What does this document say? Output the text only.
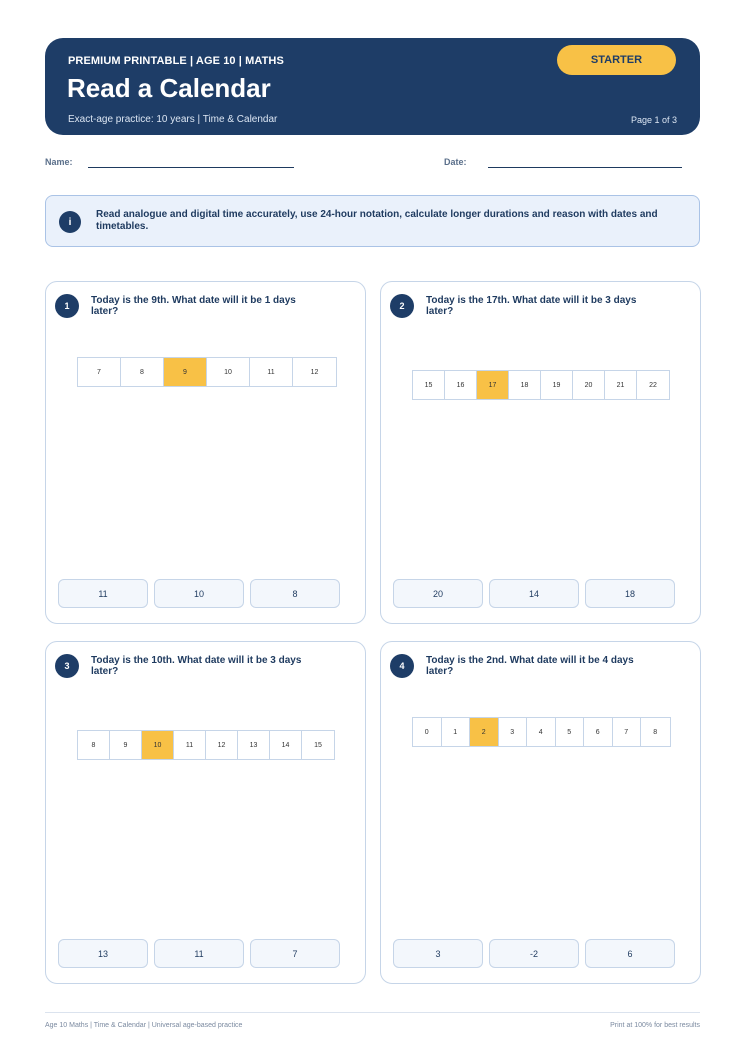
PREMIUM PRINTABLE | AGE 10 | MATHS
Read a Calendar
Exact-age practice: 10 years | Time & Calendar	Page 1 of 3
STARTER
Name:	Date:
i
Read analogue and digital time accurately, use 24-hour notation, calculate longer durations and reason with dates and timetables.
1	Today is the 9th. What date will it be 1 days later?
7	8	9	10	11	12
11	10	8
2	Today is the 17th. What date will it be 3 days later?
15	16	17	18	19	20	21	22
20	14	18
3	Today is the 10th. What date will it be 3 days later?
8	9	10	11	12	13	14	15
13	11	7
4	Today is the 2nd. What date will it be 4 days later?
0	1	2	3	4	5	6	7	8
3	-2	6
Age 10 Maths | Time & Calendar | Universal age-based practice	Print at 100% for best results
